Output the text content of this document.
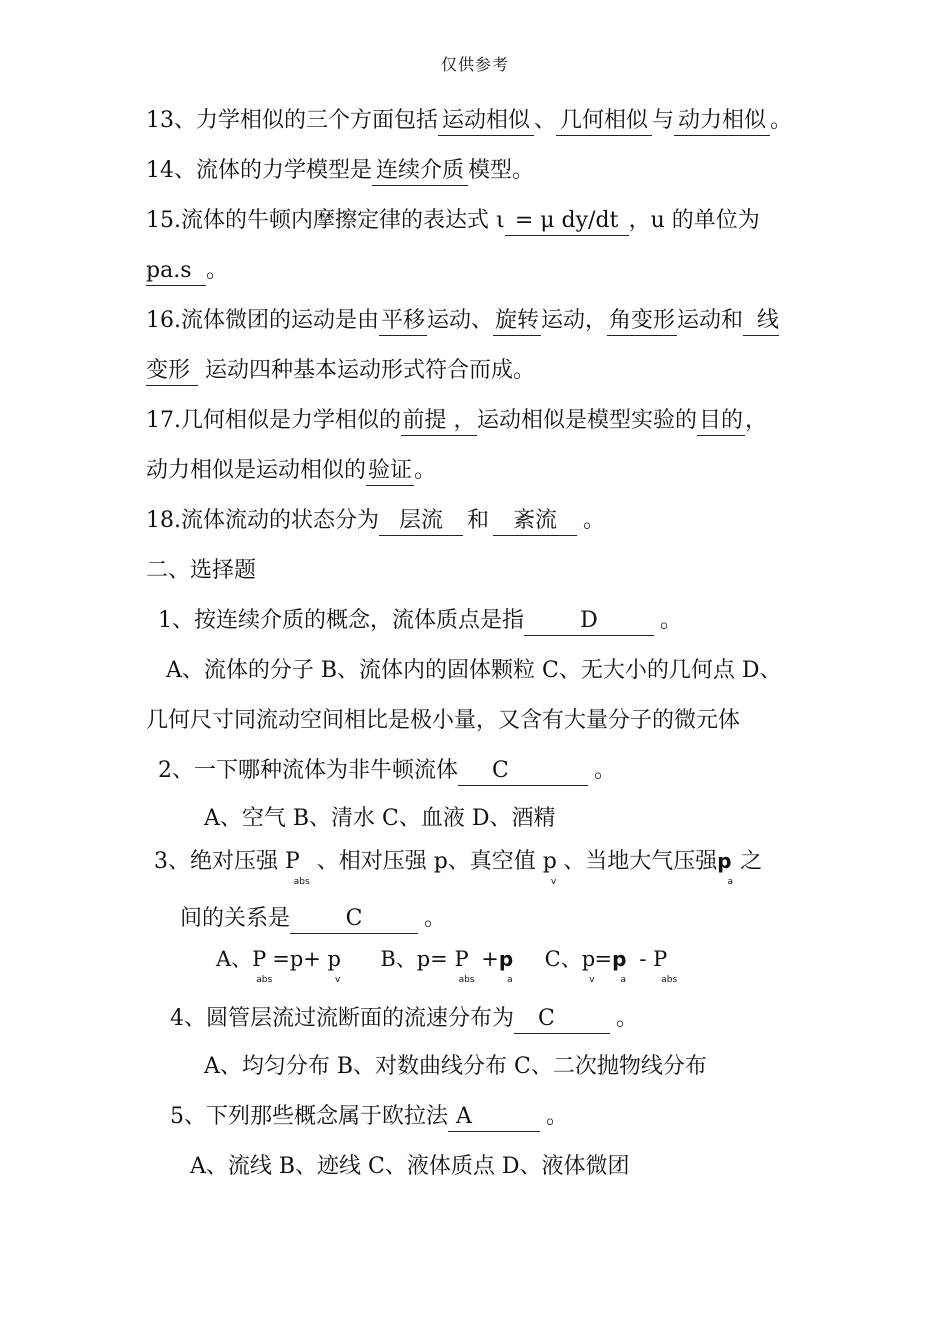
仅供参考
13、力学相似的三个方面包括 运动相似 、 几何相似 与 动力相似 。
14、流体的力学模型是 连续介质 模型。
15.流体的牛顿内摩擦定律的表达式 ι = μ dy/dt ，u 的单位为
pa.s 。
16.流体微团的运动是由平移运动、旋转运动，角变形运动和 线
变形 运动四种基本运动形式符合而成。
17.几何相似是力学相似的前提 ，运动相似是模型实验的目的，
动力相似是运动相似的验证。
18.流体流动的状态分为 层流 和 紊流 。
二、选择题
1、按连续介质的概念，流体质点是指	D	。
A、流体的分子 B、流体内的固体颗粒 C、无大小的几何点 D、
几何尺寸同流动空间相比是极小量，又含有大量分子的微元体
2、一下哪种流体为非牛顿流体 C	。
A、空气 B、清水 C、血液 D、酒精
3、绝对压强 $P_{abs}$ 、相对压强 p、真空值 $p_v$ 、当地大气压强$p_a$ 之
间的关系是	C	。
A、$P_{abs}=p+ p_vB$、$p= P_{abs} +p_aC$、$p_v=p_a - P_{abs}$
4、圆管层流过流断面的流速分布为 C	。
A、均匀分布 B、对数曲线分布 C、二次抛物线分布
5、下列那些概念属于欧拉法 A	。
A、流线 B、迹线 C、液体质点 D、液体微团
